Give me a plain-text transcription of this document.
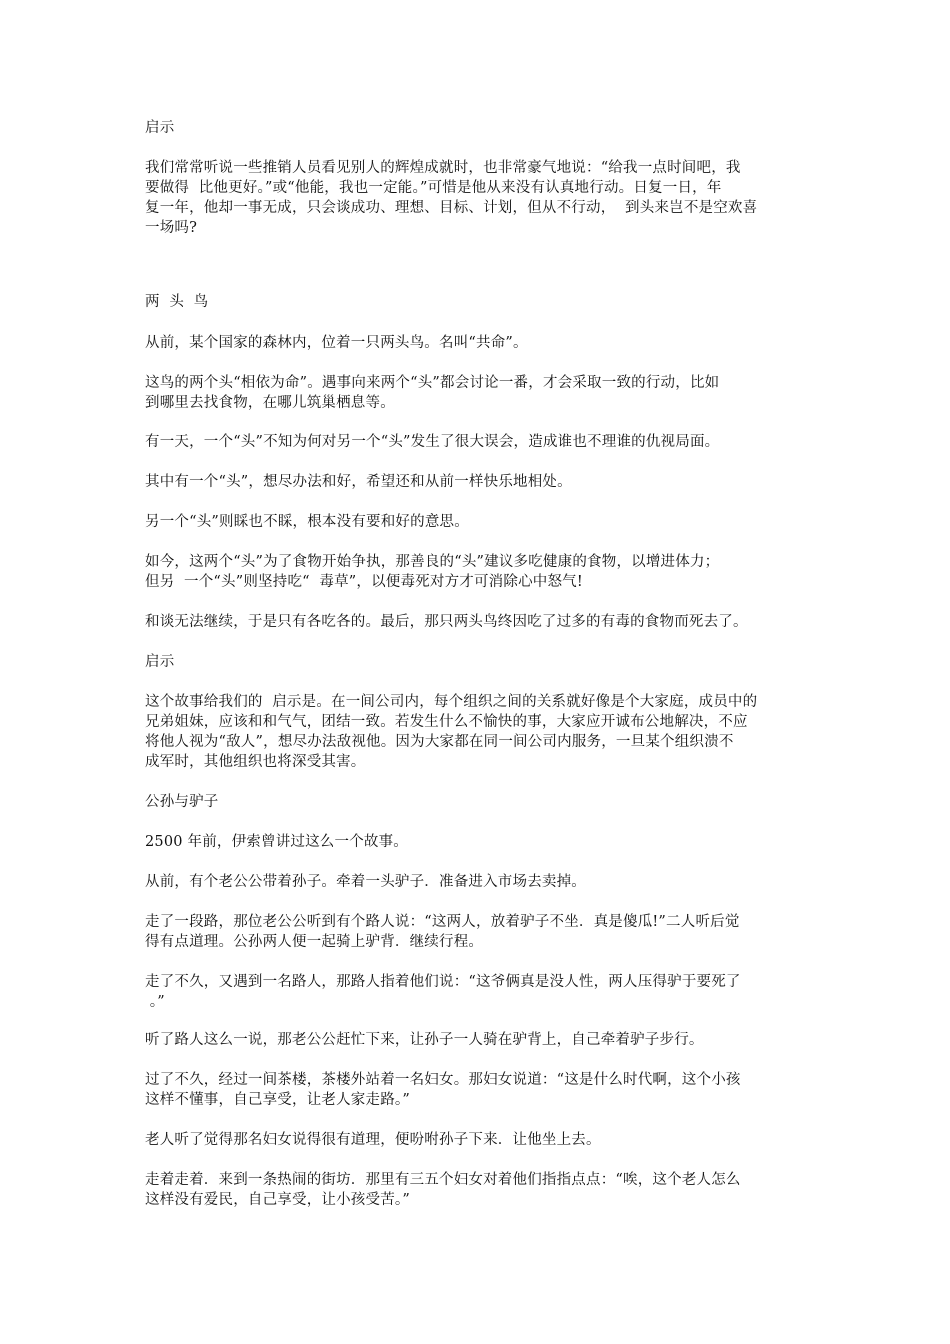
启示
我们常常听说一些推销人员看见别人的辉煌成就时，也非常豪气地说：“给我一点时间吧，我
要做得  比他更好。”或“他能，我也一定能。”可惜是他从来没有认真地行动。日复一日，年
复一年，他却一事无成，只会谈成功、理想、目标、计划，但从不行动，  到头来岂不是空欢喜
一场吗?
两  头  鸟
从前，某个国家的森林内，位着一只两头鸟。名叫“共命”。
这鸟的两个头“相依为命”。遇事向来两个“头”都会讨论一番，才会采取一致的行动，比如
到哪里去找食物，在哪儿筑巢栖息等。
有一天，一个“头”不知为何对另一个“头”发生了很大误会，造成谁也不理谁的仇视局面。
其中有一个“头”，想尽办法和好，希望还和从前一样快乐地相处。
另一个“头”则睬也不睬，根本没有要和好的意思。
如今，这两个“头”为了食物开始争执，那善良的“头”建议多吃健康的食物，以增进体力；
但另  一个“头”则坚持吃“  毒草”，以便毒死对方才可消除心中怒气!
和谈无法继续，于是只有各吃各的。最后，那只两头鸟终因吃了过多的有毒的食物而死去了。
启示
这个故事给我们的  启示是。在一间公司内，每个组织之间的关系就好像是个大家庭，成员中的
兄弟姐妹，应该和和气气，团结一致。若发生什么不愉快的事，大家应开诚布公地解决，不应
将他人视为“敌人”，想尽办法敌视他。因为大家都在同一间公司内服务，一旦某个组织溃不
成军时，其他组织也将深受其害。
公孙与驴子
2500 年前，伊索曾讲过这么一个故事。
从前，有个老公公带着孙子。牵着一头驴子．准备进入市场去卖掉。
走了一段路，那位老公公听到有个路人说：“这两人，放着驴子不坐．真是傻瓜!”二人听后觉
得有点道理。公孙两人便一起骑上驴背．继续行程。
走了不久，又遇到一名路人，那路人指着他们说：“这爷俩真是没人性，两人压得驴于要死了
。”
听了路人这么一说，那老公公赶忙下来，让孙子一人骑在驴背上，自己牵着驴子步行。
过了不久，经过一间茶楼，茶楼外站着一名妇女。那妇女说道：“这是什么时代啊，这个小孩
这样不懂事，自己享受，让老人家走路。”
老人听了觉得那名妇女说得很有道理，便吩咐孙子下来．让他坐上去。
走着走着．来到一条热闹的街坊．那里有三五个妇女对着他们指指点点：“唉，这个老人怎么
这样没有爱民，自己享受，让小孩受苦。”
